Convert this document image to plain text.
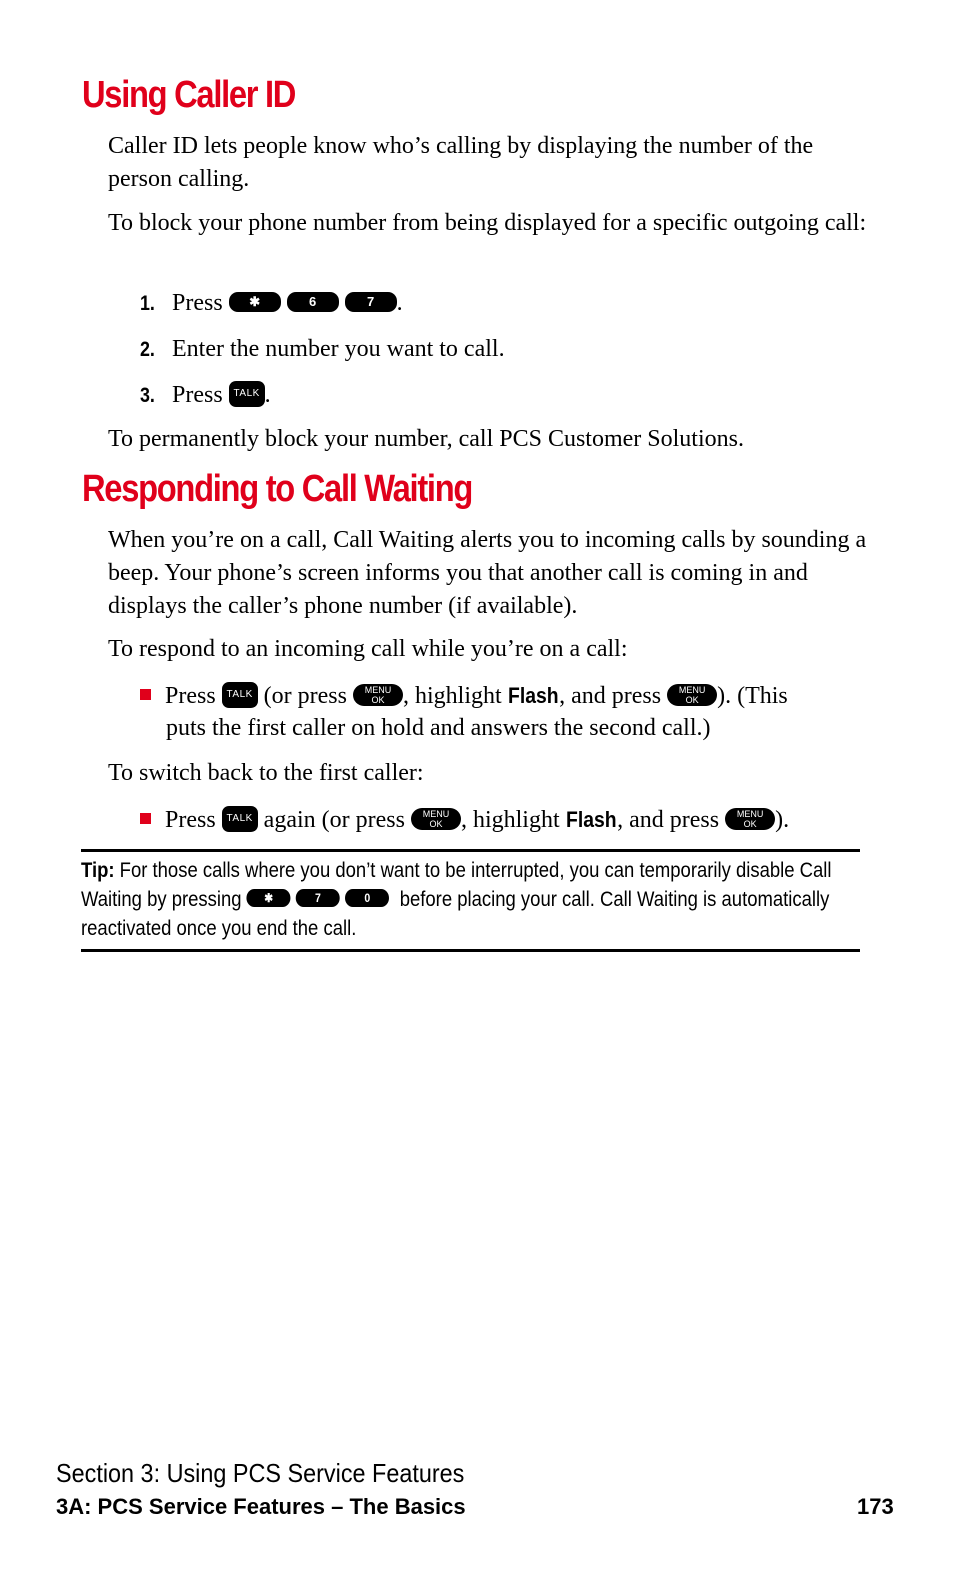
Using Caller ID

Caller ID lets people know who’s calling by displaying the number of the person calling.

To block your phone number from being displayed for a specific outgoing call:

1. Press ✱	6	7 .
2. Enter the number you want to call.
3. Press TALK .

To permanently block your number, call PCS Customer Solutions.

Responding to Call Waiting

When you’re on a call, Call Waiting alerts you to incoming calls by sounding a beep. Your phone’s screen informs you that another call is coming in and displays the caller’s phone number (if available).

To respond to an incoming call while you’re on a call:

Press TALK (or press MENU
OK , highlight Flash, and press MENU
OK ). (This
puts the first caller on hold and answers the second call.)

To switch back to the first caller:

Press TALK again (or press MENU
OK , highlight Flash, and press MENU
OK ).
Tip: For those calls where you don’t want to be interrupted, you can temporarily disable Call Waiting by pressing ✱	7	0 before placing your call. Call Waiting is automatically reactivated once you end the call.
Section 3: Using PCS Service Features
3A: PCS Service Features – The Basics	173
